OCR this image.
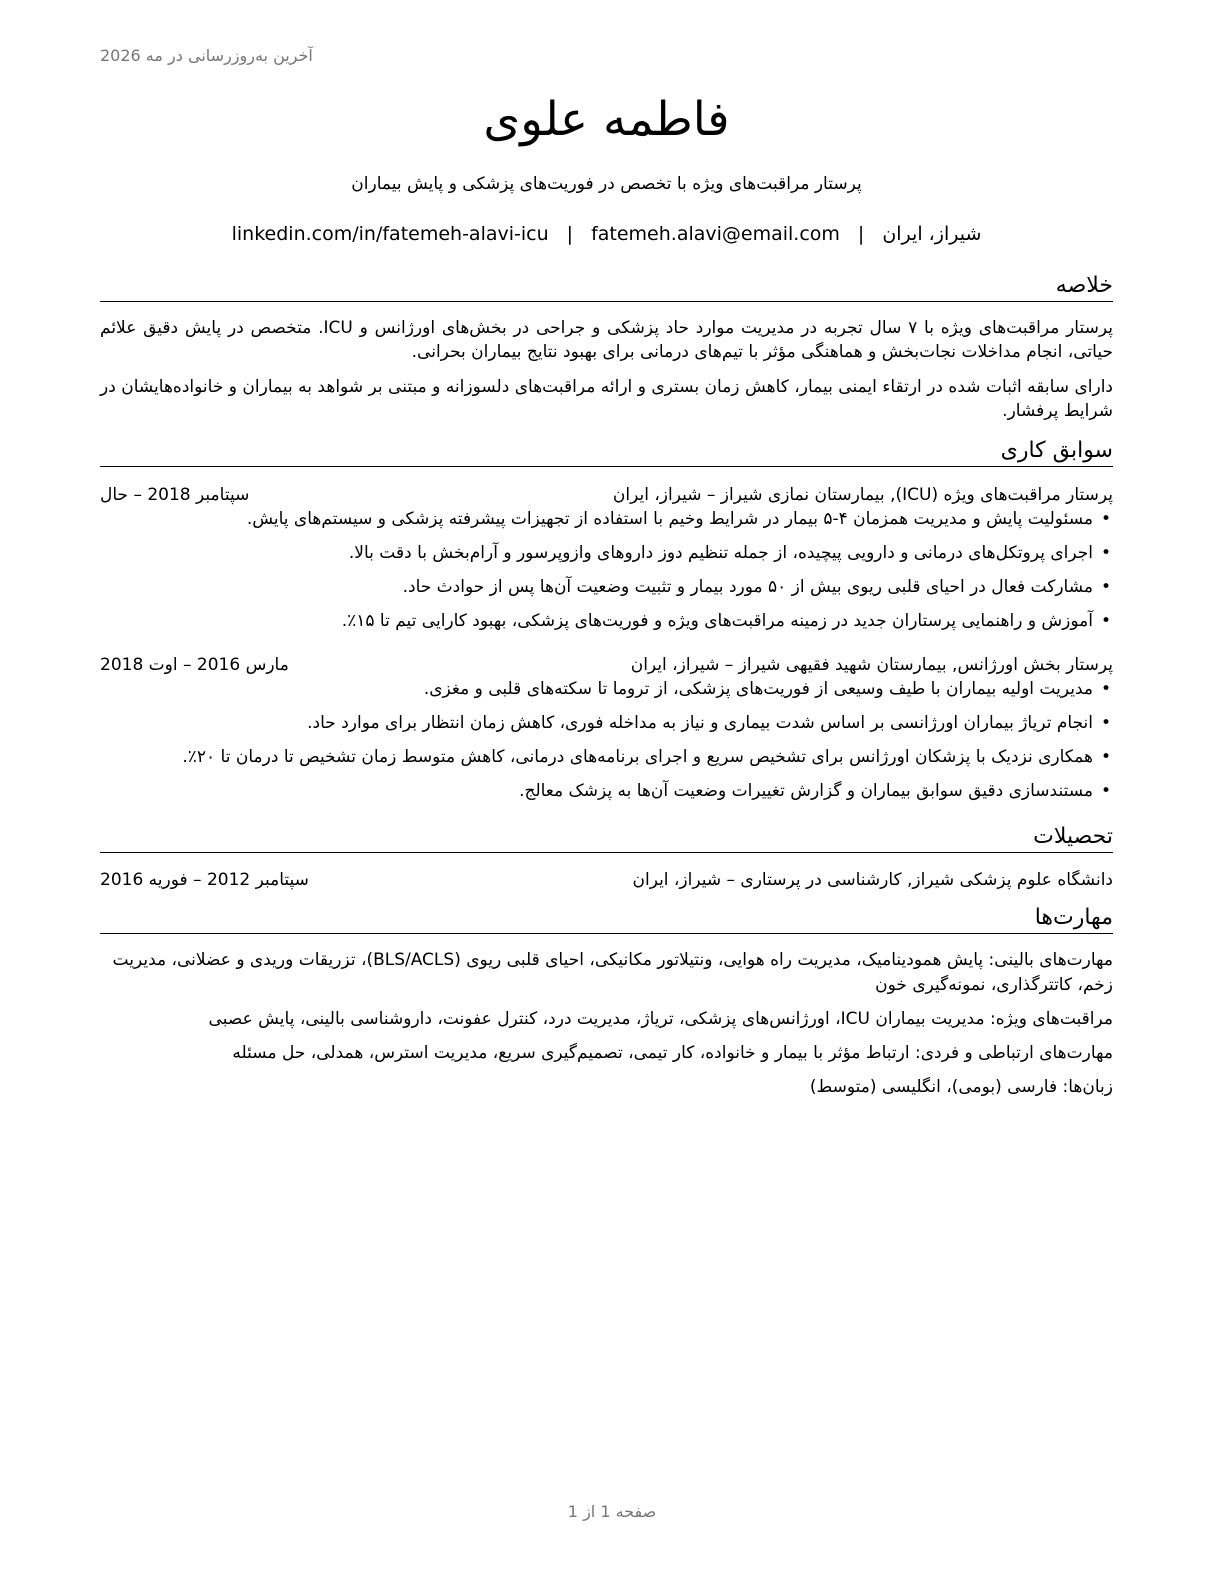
آخرین به‌روزرسانی در مه 2026
فاطمه علوی
پرستار مراقبت‌های ویژه با تخصص در فوریت‌های پزشکی و پایش بیماران
linkedin.com/in/fatemeh-alavi-icu | fatemeh.alavi@email.com | شیراز، ایران
خلاصه

پرستار مراقبت‌های ویژه با ۷ سال تجربه در مدیریت موارد حاد پزشکی و جراحی در بخش‌های اورژانس و ICU. متخصص در پایش دقیق علائم حیاتی، انجام مداخلات نجات‌بخش و هماهنگی مؤثر با تیم‌های درمانی برای بهبود نتایج بیماران بحرانی.

دارای سابقه اثبات شده در ارتقاء ایمنی بیمار، کاهش زمان بستری و ارائه مراقبت‌های دلسوزانه و مبتنی بر شواهد به بیماران و خانواده‌هایشان در شرایط پرفشار.

سوابق کاری
پرستار مراقبت‌های ویژه (ICU), بیمارستان نمازی شیراز – شیراز، ایران
سپتامبر 2018 – حال
•
مسئولیت پایش و مدیریت همزمان ۴-۵ بیمار در شرایط وخیم با استفاده از تجهیزات پیشرفته پزشکی و سیستم‌های پایش.
•
اجرای پروتکل‌های درمانی و دارویی پیچیده، از جمله تنظیم دوز داروهای وازوپرسور و آرام‌بخش با دقت بالا.
•
مشارکت فعال در احیای قلبی ریوی بیش از ۵۰ مورد بیمار و تثبیت وضعیت آن‌ها پس از حوادث حاد.
•
آموزش و راهنمایی پرستاران جدید در زمینه مراقبت‌های ویژه و فوریت‌های پزشکی، بهبود کارایی تیم تا ۱۵٪.
پرستار بخش اورژانس, بیمارستان شهید فقیهی شیراز – شیراز، ایران
مارس 2016 – اوت 2018
•
مدیریت اولیه بیماران با طیف وسیعی از فوریت‌های پزشکی، از تروما تا سکته‌های قلبی و مغزی.
•
انجام تریاژ بیماران اورژانسی بر اساس شدت بیماری و نیاز به مداخله فوری، کاهش زمان انتظار برای موارد حاد.
•
همکاری نزدیک با پزشکان اورژانس برای تشخیص سریع و اجرای برنامه‌های درمانی، کاهش متوسط زمان تشخیص تا درمان تا ۲۰٪.
•
مستندسازی دقیق سوابق بیماران و گزارش تغییرات وضعیت آن‌ها به پزشک معالج.
تحصیلات
دانشگاه علوم پزشکی شیراز, کارشناسی در پرستاری – شیراز، ایران
سپتامبر 2012 – فوریه 2016
مهارت‌ها
مهارت‌های بالینی: پایش همودینامیک، مدیریت راه هوایی، ونتیلاتور مکانیکی، احیای قلبی ریوی (BLS/ACLS)، تزریقات وریدی و عضلانی، مدیریت زخم، کاتترگذاری، نمونه‌گیری خون
مراقبت‌های ویژه: مدیریت بیماران ICU، اورژانس‌های پزشکی، تریاژ، مدیریت درد، کنترل عفونت، داروشناسی بالینی، پایش عصبی
مهارت‌های ارتباطی و فردی: ارتباط مؤثر با بیمار و خانواده، کار تیمی، تصمیم‌گیری سریع، مدیریت استرس، همدلی، حل مسئله
زبان‌ها: فارسی (بومی)، انگلیسی (متوسط)
صفحه 1 از 1
